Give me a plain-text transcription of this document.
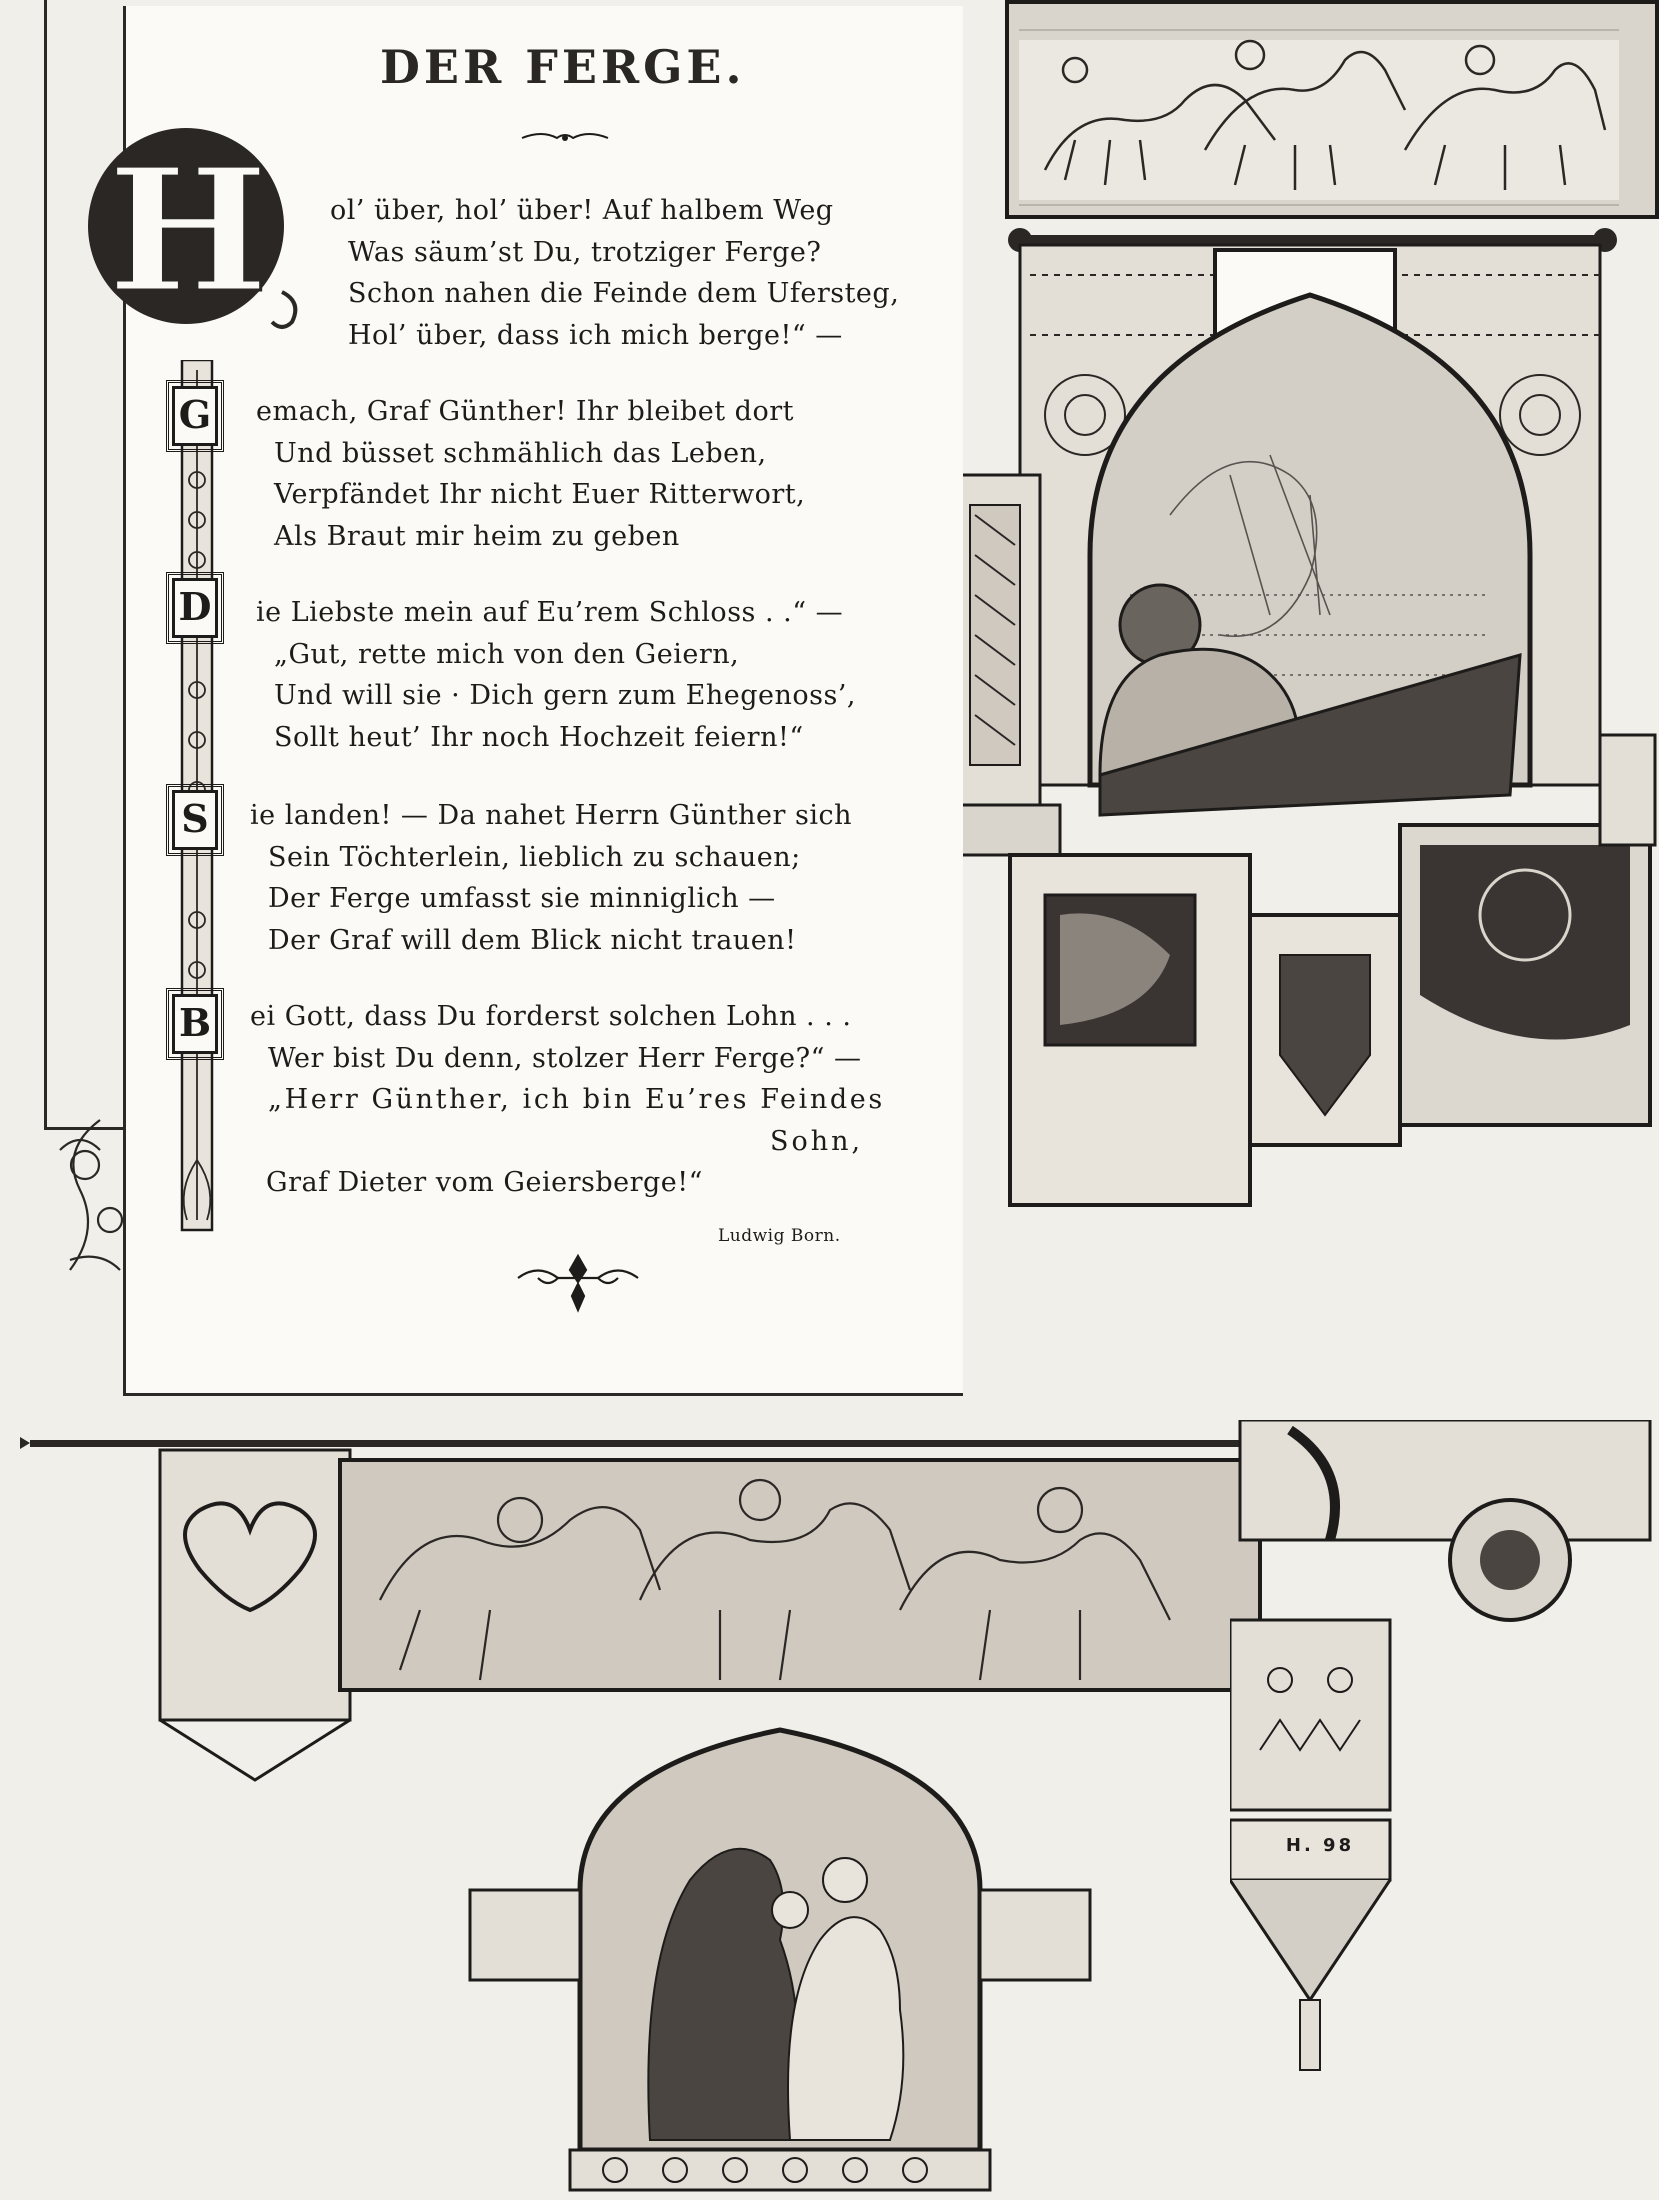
H. 98
DER FERGE.
H
G
D
S
B
ol’ über, hol’ über! Auf halbem Weg
Was säum’st Du, trotziger Ferge?
Schon nahen die Feinde dem Ufersteg,
Hol’ über, dass ich mich berge!“ —
emach, Graf Günther! Ihr bleibet dort
Und büsset schmählich das Leben,
Verpfändet Ihr nicht Euer Ritterwort,
Als Braut mir heim zu geben
ie Liebste mein auf Eu’rem Schloss . .“ —
„Gut, rette mich von den Geiern,
Und will sie · Dich gern zum Ehegenoss’,
Sollt heut’ Ihr noch Hochzeit feiern!“
ie landen! — Da nahet Herrn Günther sich
Sein Töchterlein, lieblich zu schauen;
Der Ferge umfasst sie minniglich —
Der Graf will dem Blick nicht trauen!
ei Gott, dass Du forderst solchen Lohn . . .
Wer bist Du denn, stolzer Herr Ferge?“ —
„Herr Günther, ich bin Eu’res Feindes
Sohn,
Graf Dieter vom Geiersberge!“
Ludwig Born.
